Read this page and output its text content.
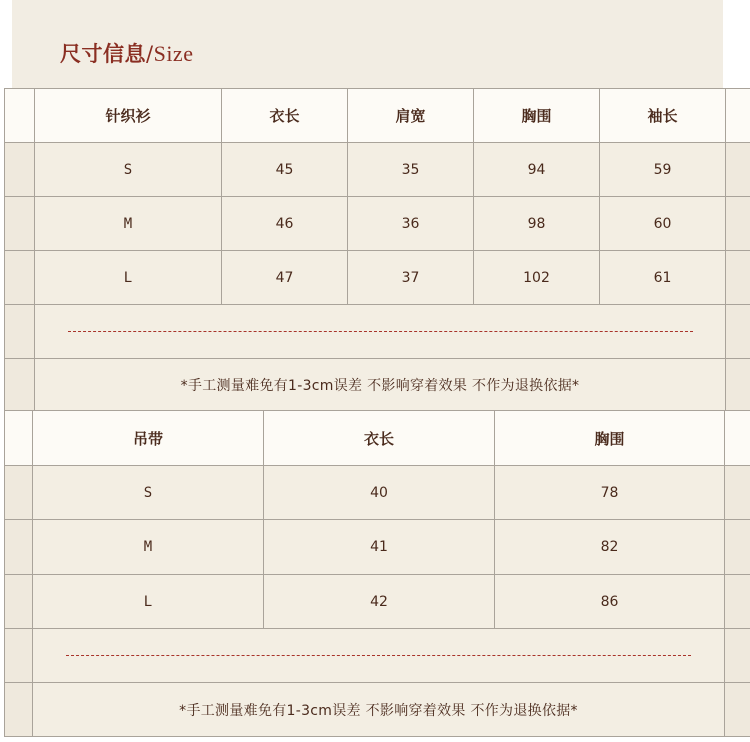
尺寸信息/Size
	针织衫	衣长	肩宽	胸围	袖长	
	S	45	35	94	59	
	M	46	36	98	60	
	L	47	37	102	61	

	*手工测量难免有1-3cm误差 不影响穿着效果 不作为退换依据*					
	吊带	衣长	胸围	
	S	40	78	
	M	41	82	
	L	42	86	

	*手工测量难免有1-3cm误差 不影响穿着效果 不作为退换依据*			
